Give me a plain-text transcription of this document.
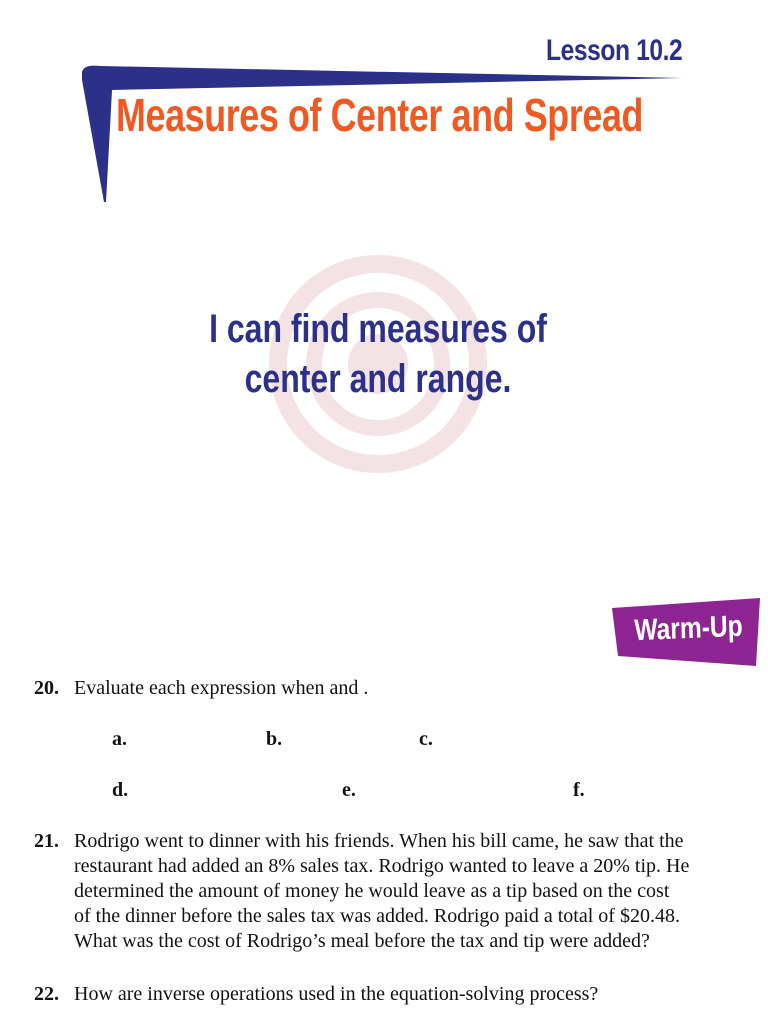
Lesson 10.2
Measures of Center and Spread
I can find measures of
center and range.
Warm-Up
20. Evaluate each expression when and .
a.	b.	c.
d.	e.	f.
21. Rodrigo went to dinner with his friends. When his bill came, he saw that the
restaurant had added an 8% sales tax. Rodrigo wanted to leave a 20% tip. He
determined the amount of money he would leave as a tip based on the cost
of the dinner before the sales tax was added. Rodrigo paid a total of $20.48.
What was the cost of Rodrigo’s meal before the tax and tip were added?
22. How are inverse operations used in the equation-solving process?
